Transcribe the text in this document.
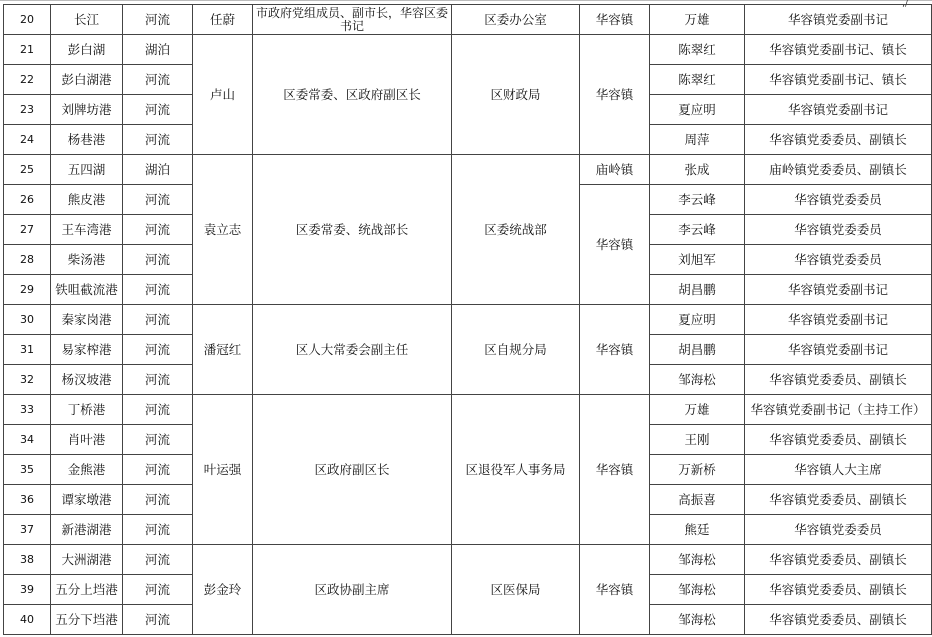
,/
20	长江	河流	任蔚	市政府党组成员、副市长，华容区委书记	区委办公室	华容镇	万雄	华容镇党委副书记
21	彭白湖	湖泊	卢山	区委常委、区政府副区长	区财政局	华容镇	陈翠红	华容镇党委副书记、镇长
22	彭白湖港	河流					陈翠红	华容镇党委副书记、镇长
23	刘牌坊港	河流					夏应明	华容镇党委副书记
24	杨巷港	河流					周萍	华容镇党委委员、副镇长
25	五四湖	湖泊	袁立志	区委常委、统战部长	区委统战部	庙岭镇	张成	庙岭镇党委委员、副镇长
26	熊皮港	河流				华容镇	李云峰	华容镇党委委员
27	王车湾港	河流					李云峰	华容镇党委委员
28	柴汤港	河流					刘旭军	华容镇党委委员
29	铁咀截流港	河流					胡昌鹏	华容镇党委副书记
30	秦家岗港	河流	潘冠红	区人大常委会副主任	区自规分局	华容镇	夏应明	华容镇党委副书记
31	易家榨港	河流					胡昌鹏	华容镇党委副书记
32	杨汊坡港	河流					邹海松	华容镇党委委员、副镇长
33	丁桥港	河流	叶运强	区政府副区长	区退役军人事务局	华容镇	万雄	华容镇党委副书记（主持工作）
34	肖叶港	河流					王刚	华容镇党委委员、副镇长
35	金熊港	河流					万新桥	华容镇人大主席
36	谭家墩港	河流					高振喜	华容镇党委委员、副镇长
37	新港湖港	河流					熊廷	华容镇党委委员
38	大洲湖港	河流	彭金玲	区政协副主席	区医保局	华容镇	邹海松	华容镇党委委员、副镇长
39	五分上垱港	河流					邹海松	华容镇党委委员、副镇长
40	五分下垱港	河流					邹海松	华容镇党委委员、副镇长
